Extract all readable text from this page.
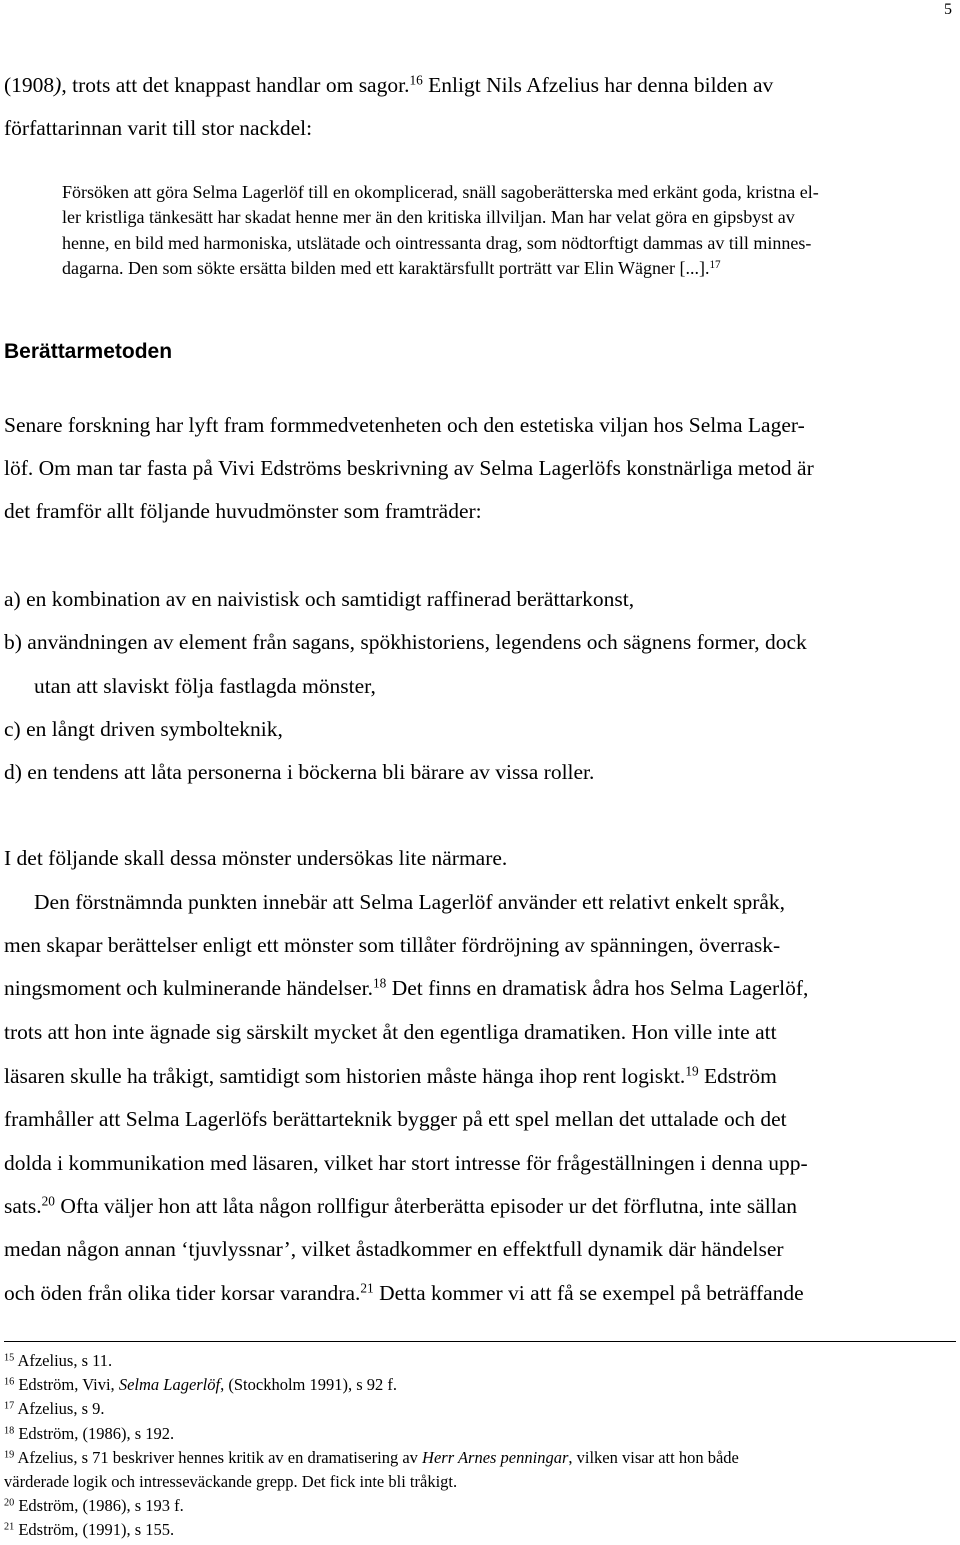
5
(1908), trots att det knappast handlar om sagor.$^{16}$ Enligt Nils Afzelius har denna bilden av
författarinnan varit till stor nackdel:
Försöken att göra Selma Lagerlöf till en okomplicerad, snäll sagoberätterska med erkänt goda, kristna el-
ler kristliga tänkesätt har skadat henne mer än den kritiska illviljan. Man har velat göra en gipsbyst av
henne, en bild med harmoniska, utslätade och ointressanta drag, som nödtorftigt dammas av till minnes-
dagarna. Den som sökte ersätta bilden med ett karaktärsfullt porträtt var Elin Wägner [...].$^{17}$
Berättarmetoden
Senare forskning har lyft fram formmedvetenheten och den estetiska viljan hos Selma Lager-
löf. Om man tar fasta på Vivi Edströms beskrivning av Selma Lagerlöfs konstnärliga metod är
det framför allt följande huvudmönster som framträder:
a) en kombination av en naivistisk och samtidigt raffinerad berättarkonst,
b) användningen av element från sagans, spökhistoriens, legendens och sägnens former, dock
utan att slaviskt följa fastlagda mönster,
c) en långt driven symbolteknik,
d) en tendens att låta personerna i böckerna bli bärare av vissa roller.
I det följande skall dessa mönster undersökas lite närmare.
Den förstnämnda punkten innebär att Selma Lagerlöf använder ett relativt enkelt språk,
men skapar berättelser enligt ett mönster som tillåter fördröjning av spänningen, överrask-
ningsmoment och kulminerande händelser.$^{18}$ Det finns en dramatisk ådra hos Selma Lagerlöf,
trots att hon inte ägnade sig särskilt mycket åt den egentliga dramatiken. Hon ville inte att
läsaren skulle ha tråkigt, samtidigt som historien måste hänga ihop rent logiskt.$^{19}$ Edström
framhåller att Selma Lagerlöfs berättarteknik bygger på ett spel mellan det uttalade och det
dolda i kommunikation med läsaren, vilket har stort intresse för frågeställningen i denna upp-
sats.$^{20}$ Ofta väljer hon att låta någon rollfigur återberätta episoder ur det förflutna, inte sällan
medan någon annan ‘tjuvlyssnar’, vilket åstadkommer en effektfull dynamik där händelser
och öden från olika tider korsar varandra.$^{21}$ Detta kommer vi att få se exempel på beträffande
$^{15}$ Afzelius, s 11.
$^{16}$ Edström, Vivi, Selma Lagerlöf, (Stockholm 1991), s 92 f.
$^{17}$ Afzelius, s 9.
$^{18}$ Edström, (1986), s 192.
$^{19}$ Afzelius, s 71 beskriver hennes kritik av en dramatisering av Herr Arnes penningar, vilken visar att hon både
värderade logik och intresseväckande grepp. Det fick inte bli tråkigt.
$^{20}$ Edström, (1986), s 193 f.
$^{21}$ Edström, (1991), s 155.
